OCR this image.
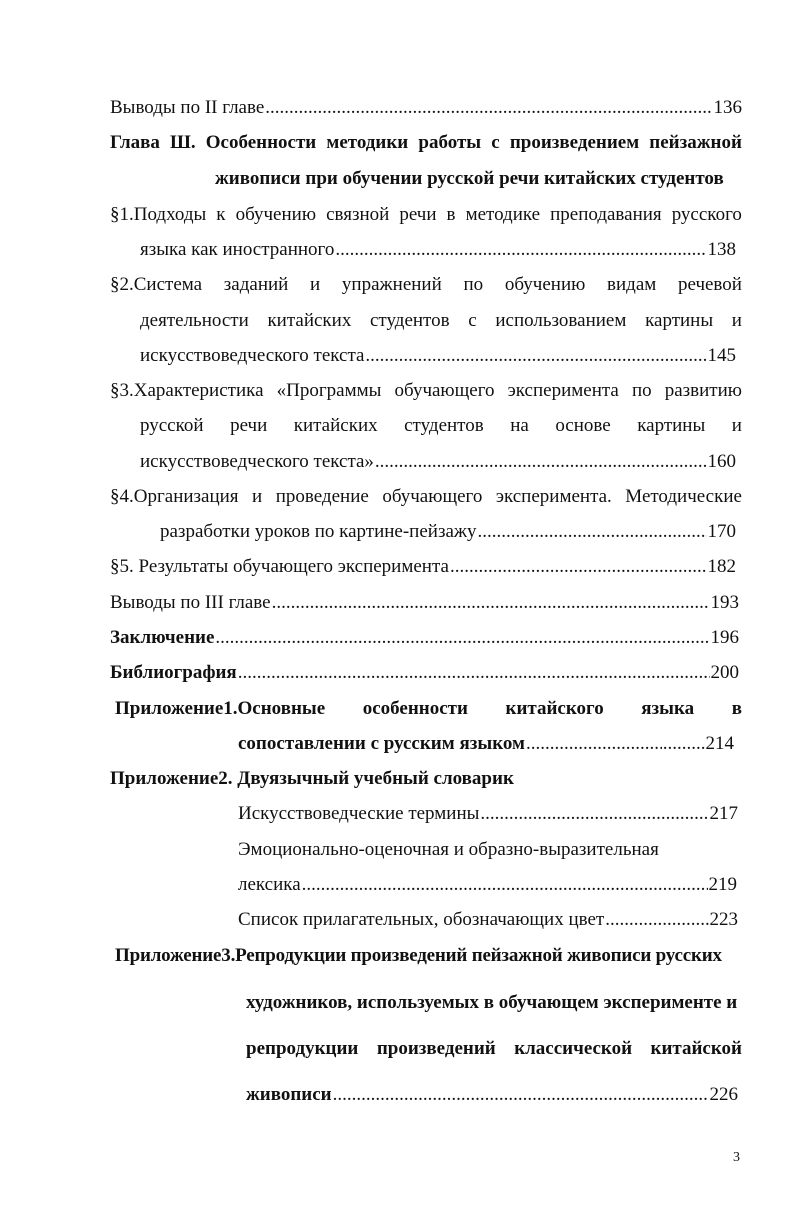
Выводы по II главе .....	136
Глава Ш. Особенности методики работы с произведением пейзажной
живописи при обучении русской речи китайских студентов
§1.Подходы к обучению связной речи в методике преподавания русского
языка как иностранного .....	138
§2.Система заданий и упражнений по обучению видам речевой
деятельности китайских студентов с использованием картины и
искусствоведческого текста .....	145
§3.Характеристика «Программы обучающего эксперимента по развитию
русской речи китайских студентов на основе картины и
искусствоведческого текста» .....	160
§4.Организация и проведение обучающего эксперимента. Методические
разработки уроков по картине-пейзажу .....	170
§5. Результаты обучающего эксперимента .....	182
Выводы по III главе .....	193
Заключение .....	196
Библиография .....	200
Приложение1.Основные особенности китайского языка в
сопоставлении с русским языком .....	.........214
Приложение2. Двуязычный учебный словарик
Искусствоведческие термины .....	217
Эмоционально-оценочная и образно-выразительная
лексика .....	219
Список прилагательных, обозначающих цвет .....	223
Приложение3.Репродукции произведений пейзажной живописи русских
художников, используемых в обучающем эксперименте и
репродукции произведений классической китайской
живописи .....	226
3
